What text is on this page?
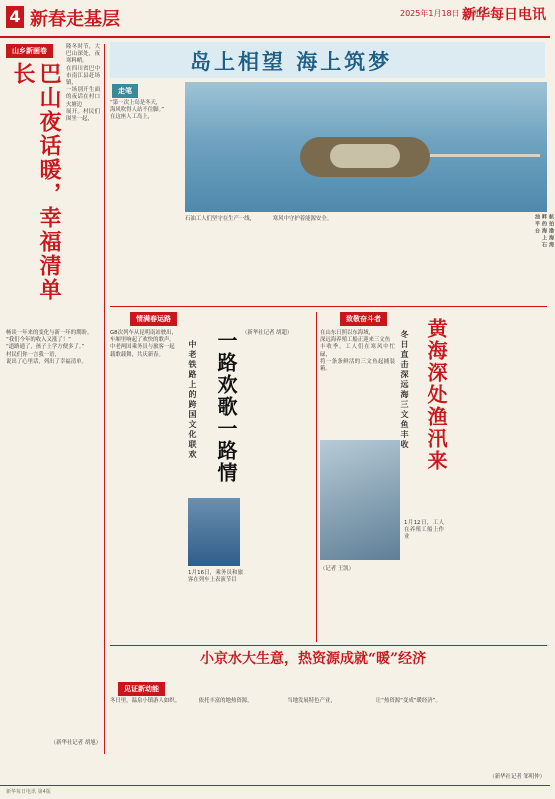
4 新春走基层	2025年1月18日 星期六
新华每日电讯
山乡新画卷
巴山夜话暖，幸福清单长
隆冬时节，大巴山深处，夜寒料峭。
在四川省巴中市南江县赶场镇，
一场别开生面的夜话在村口火塘边
展开。村民们围坐一起，
畅谈一年来的变化与新一年的期盼。
“我们今年的收入又涨了！”
“道路通了，孩子上学方便多了。”
村民们你一言我一语，
说出了心里话，列出了幸福清单。
（新华社记者 胡旭）
岛上相望 海上筑梦
走笔
“第一次上岛是冬天，
海风吹得人站不住脚。”
在这座人工岛上，
航拍渤海湾畔的海上石油平台
石油工人们坚守在生产一线，	寒风中守护着能源安全。
情满春运路
一路欢歌一路情
中老铁路上的跨国文化联欢
G8次列车从昆明南站驶出，
车厢里响起了欢快的歌声。
中老两国乘务员与旅客一起
载歌载舞，共庆新春。
1月16日，乘务员和旅客在列车上表演节目
（新华社记者 胡超）
致敬奋斗者	黄海深处渔汛来
冬日直击深远海三文鱼丰收
在山东日照以东海域，
深远海养殖工船正迎来三文鱼
丰收季。工人们在寒风中忙碌，
将一条条鲜活的三文鱼起捕装箱。
1月12日，工人在养殖工船上作业
（记者 王凯）
小京水大生意，热资源成就“暖”经济
见证新动能
冬日里，温泉小镇游人如织。	依托丰富的地热资源，	当地发展特色产业，	让“热资源”变成“暖经济”。
（新华社记者 邹明仲）
新华每日电讯 第4版
